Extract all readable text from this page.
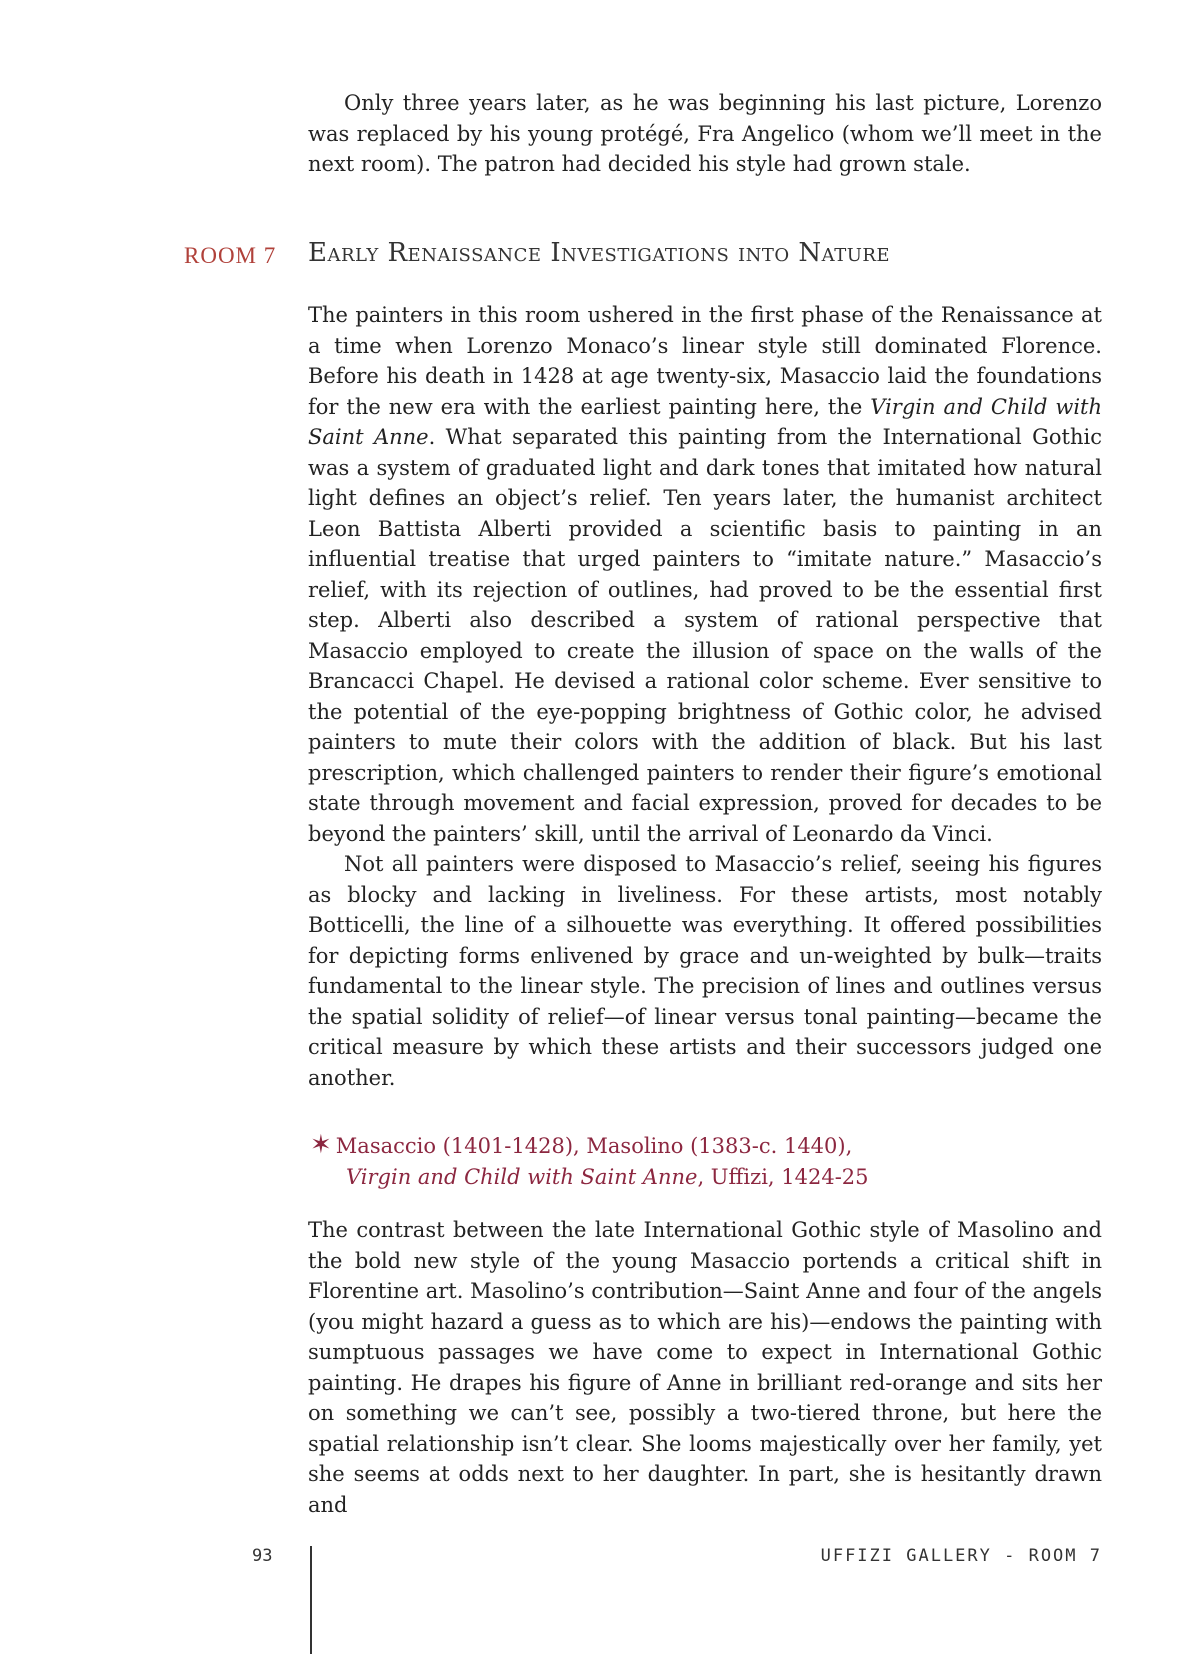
Only three years later, as he was beginning his last picture, Lorenzo was replaced by his young protégé, Fra Angelico (whom we’ll meet in the next room). The patron had decided his style had grown stale.

ROOM 7 Early Renaissance Investigations into Nature

The painters in this room ushered in the first phase of the Renaissance at a time when Lorenzo Monaco’s linear style still dominated Florence. Before his death in 1428 at age twenty-six, Masaccio laid the foundations for the new era with the earliest painting here, the Virgin and Child with Saint Anne. What separated this painting from the International Gothic was a system of graduated light and dark tones that imitated how natural light defines an object’s relief. Ten years later, the humanist architect Leon Battista Alberti provided a scientific basis to painting in an influential treatise that urged painters to “imitate nature.” Masaccio’s relief, with its rejection of outlines, had proved to be the essential first step. Alberti also described a system of rational perspective that Masaccio employed to create the illusion of space on the walls of the Brancacci Chapel. He devised a rational color scheme. Ever sensitive to the potential of the eye-popping brightness of Gothic color, he advised painters to mute their colors with the addition of black. But his last prescription, which challenged painters to render their figure’s emotional state through movement and facial expression, proved for decades to be beyond the painters’ skill, until the arrival of Leonardo da Vinci.

Not all painters were disposed to Masaccio’s relief, seeing his figures as blocky and lacking in liveliness. For these artists, most notably Botticelli, the line of a silhouette was everything. It offered possibilities for depicting forms enlivened by grace and un-weighted by bulk—traits fundamental to the linear style. The precision of lines and outlines versus the spatial solidity of relief—of linear versus tonal painting—became the critical measure by which these artists and their successors judged one another.

✶ Masaccio (1401-1428), Masolino (1383-c. 1440),
Virgin and Child with Saint Anne, Uffizi, 1424-25

The contrast between the late International Gothic style of Masolino and the bold new style of the young Masaccio portends a critical shift in Florentine art. Masolino’s contribution—Saint Anne and four of the angels (you might hazard a guess as to which are his)—endows the painting with sumptuous passages we have come to expect in International Gothic painting. He drapes his figure of Anne in brilliant red-orange and sits her on something we can’t see, possibly a two-tiered throne, but here the spatial relationship isn’t clear. She looms majestically over her family, yet she seems at odds next to her daughter. In part, she is hesitantly drawn and

93	UFFIZI GALLERY - ROOM 7
